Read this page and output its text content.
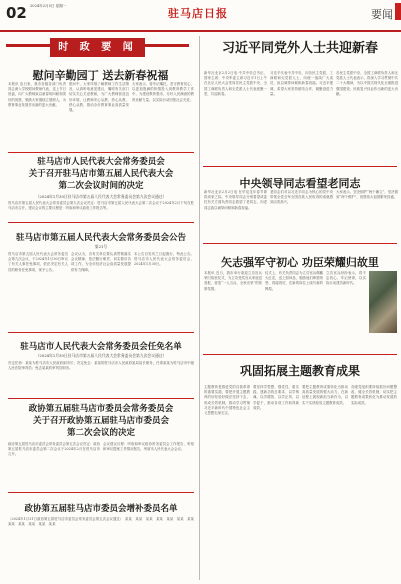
02 2024年2月5日 星期一
驻马店日报	要闻
时 政 要 闻
慰问辛勤园丁 送去新春祝福

本报讯 连日来，我市各级各部门负责同志深入学校慰问教师代表，送上节日祝福，向广大教师致以新春的问候和美好的祝愿，勉励大家继续立德树人，为教育事业发展作出新的更大贡献。

慰问中，大家详细了解教师工作生活情况，认真听取意见建议，嘱咐有关部门切实关心关爱教师，为广大教师营造良好环境，让教师安心从教、热心从教、舒心从教，推动全市教育事业高质量发展。

大家表示，将牢记嘱托，坚守教育初心，以更加饱满的热情投入到教育教学工作中，为建设教育强市、办好人民满意的教育贡献力量，以实际行动回报社会关爱。

驻马店市人民代表大会常务委员会
关于召开驻马店市第五届人民代表大会
第二次会议时间的决定
（2024年1月30日驻马店市第五届人民代表大会常务委员会第九次会议通过）

驻马店市第五届人民代表大会常务委员会第九次会议决定：驻马店市第五届人民代表大会第二次会议于2024年2月下旬在驻马店市召开。建议会议的主要议程是：听取和审议政府工作报告等。

驻马店市第五届人民代表大会常务委员会公告
第21号

驻马店市第五届人民代表大会常务委员会第九次会议，于2024年1月30日审议了有关人事任免事项，依法决定有关人员的职务任免事项，现予公告。

会议认为，各有关单位要认真贯彻落实会议精神，依法履行职责，切实做好各项工作，为全市经济社会高质量发展提供有力保障。

本公告自发布之日起施行。特此公告。驻马店市人民代表大会常务委员会，2024年1月30日。

驻马店市人民代表大会常务委员会任免名单
（2024年1月30日驻马店市第五届人民代表大会常务委员会第九次会议通过）

决定任命：某某为驻马店市人民政府副市长；决定免去：某某的驻马店市人民政府某局局长职务。任命某某为驻马店市中级人民法院审判员；免去某某的审判员职务。

政协第五届驻马店市委员会常务委员会
关于召开政协第五届驻马店市委员会
第二次会议的决定

政协第五届驻马店市委员会常务委员会第五次会议决定：政协第五届驻马店市委员会第二次会议于2024年2月在驻马店市召开。

会议建议议程：听取和审议政协常务委员会工作报告，听取和审议提案工作情况报告，列席市人民代表大会会议。

政协第五届驻马店市委员会增补委员名单

（2024年1月31日政协第五届驻马店市委员会常务委员会第五次会议通过）　某某　某某　某某　某某　某某　某某　某某　某某　某某　某某　某某　某某

习近平同党外人士共迎新春

新华社北京2月2日电 中共中央总书记、国家主席、中央军委主席习近平1日上午在北京人民大会堂同各民主党派中央、全国工商联负责人和无党派人士代表欢聚一堂，共迎新春。

习近平代表中共中央，向各民主党派、工商联和无党派人士，向统一战线广大成员，致以诚挚问候和新春祝福。习近平强调，希望大家坚持团结合作，凝聚奋进力量。

各民主党派中央、全国工商联负责人和无党派人士代表表示，将深入学习贯彻中共二十大精神，为以中国式现代化全面推进强国建设、民族复兴伟业作出新的更大贡献。

中央领导同志看望老同志

新华社北京2月2日电 在甲辰龙年春节即将到来之际，中央领导同志分别看望或委托有关方面负责同志看望了老同志，向老同志致以诚挚问候和新春祝福。

老同志们对以习近平同志为核心的党中央带领全党全军全国各族人民取得的成就感到由衷高兴。

大家表示，坚决拥护“两个确立”、坚决做到“两个维护”，祝愿伟大祖国繁荣昌盛。

矢志强军守初心 功臣荣耀归故里

本报讯 近日，我市举行欢迎立功官兵荣归故里仪式，为立功受奖官兵家庭送喜报，营造“一人当兵、全家光荣”的浓厚氛围。

仪式上，有关负责同志为立功官兵佩戴大红花，送上慰问品，勉励他们珍惜荣誉、再接再厉，在新的岗位上续写新的辉煌。

立功官兵纷纷表示，将不忘初心、牢记使命，以实际行动建功新时代。

巩固拓展主题教育成果

主题教育是推进党的自我革命的重要实践，要把开展主题教育的好经验好做法坚持下去，形成长效机制，推动学习贯彻习近平新时代中国特色社会主义思想走深走实。

要坚持学思想、强党性、重实践、建新功的总要求，以学铸魂、以学增智、以学正风、以学促干，推动各项工作取得新成效。

要把主题教育成果转化为推动高质量发展的强大动力，在新征程上展现新担当新作为，以实干实绩检验主题教育成效。

各级党组织要持续抓好问题整改，健全长效机制，切实把主题教育成果转化为推动发展的实际成效。
